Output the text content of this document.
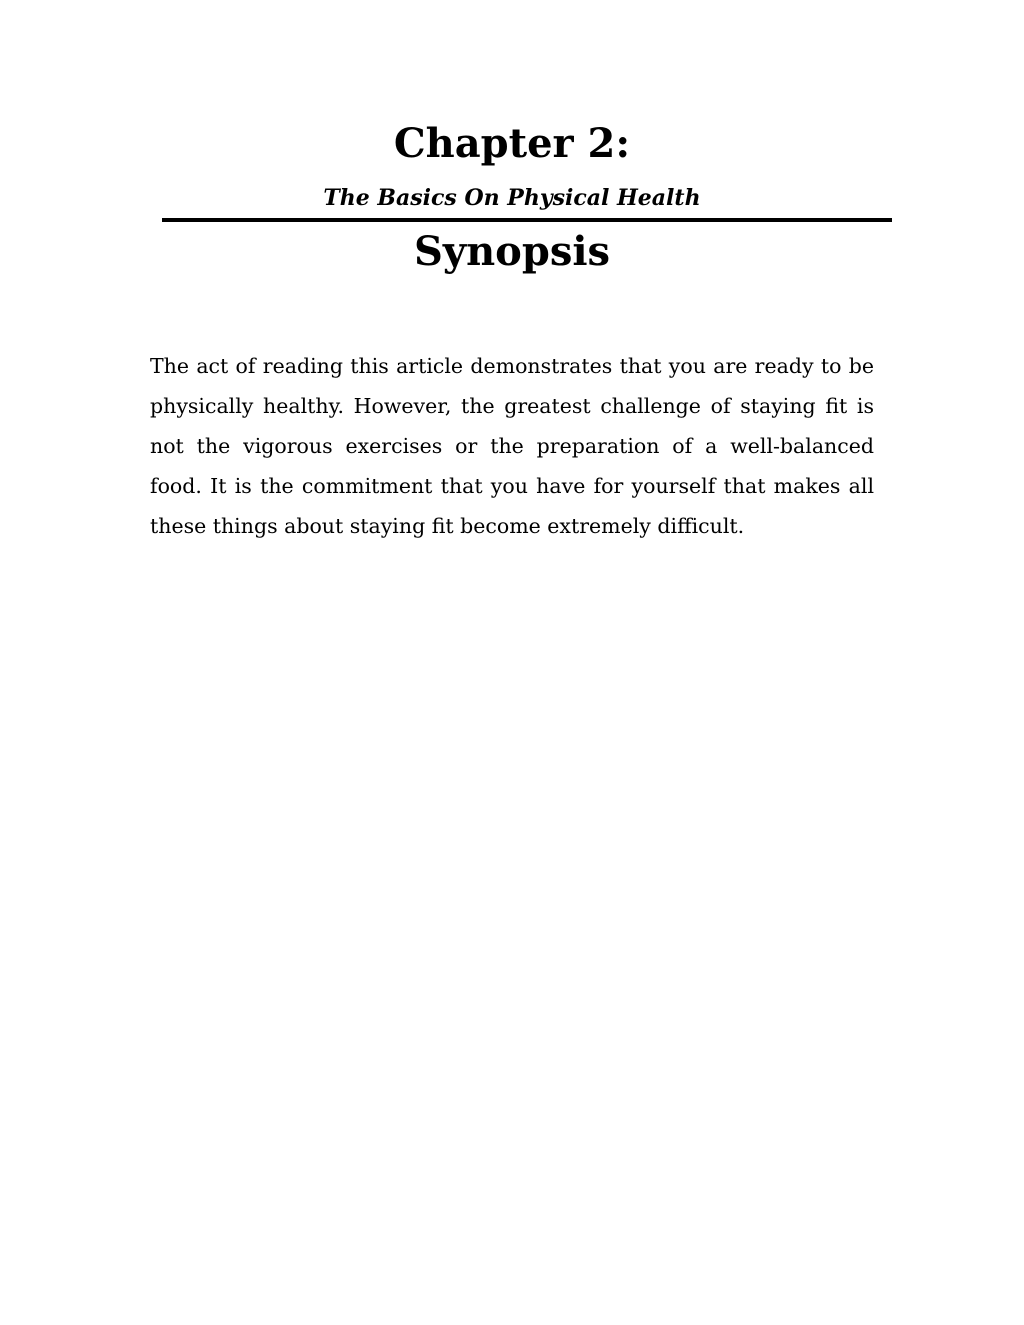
Chapter 2:
The Basics On Physical Health
Synopsis

The act of reading this article demonstrates that you are ready to be physically healthy. However, the greatest challenge of staying fit is not the vigorous exercises or the preparation of a well-balanced food. It is the commitment that you have for yourself that makes all these things about staying fit become extremely difficult.
